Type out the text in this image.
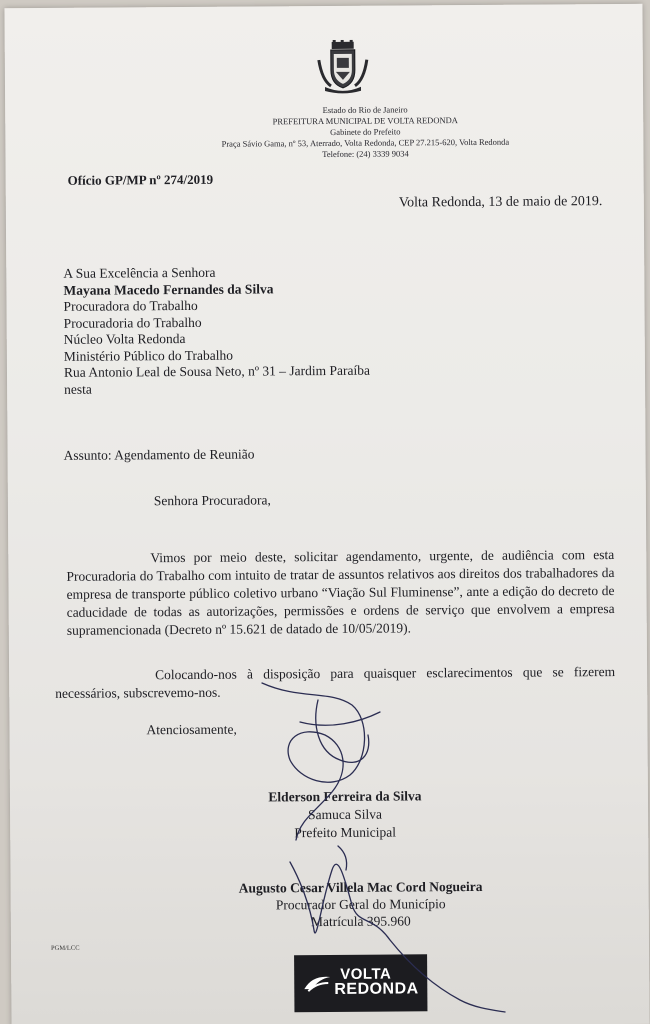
Estado do Rio de Janeiro
PREFEITURA MUNICIPAL DE VOLTA REDONDA
Gabinete do Prefeito
Praça Sávio Gama, nº 53, Aterrado, Volta Redonda, CEP 27.215-620, Volta Redonda
Telefone: (24) 3339 9034
Ofício GP/MP nº 274/2019
Volta Redonda, 13 de maio de 2019.
A Sua Excelência a Senhora
Mayana Macedo Fernandes da Silva
Procuradora do Trabalho
Procuradoria do Trabalho
Núcleo Volta Redonda
Ministério Público do Trabalho
Rua Antonio Leal de Sousa Neto, nº 31 – Jardim Paraíba
nesta
Assunto: Agendamento de Reunião
Senhora Procuradora,

Vimos por meio deste, solicitar agendamento, urgente, de audiência com esta Procuradoria do Trabalho com intuito de tratar de assuntos relativos aos direitos dos trabalhadores da empresa de transporte público coletivo urbano “Viação Sul Fluminense”, ante a edição do decreto de caducidade de todas as autorizações, permissões e ordens de serviço que envolvem a empresa supramencionada (Decreto nº 15.621 de datado de 10/05/2019).

Colocando-nos à disposição para quaisquer esclarecimentos que se fizerem necessários, subscrevemo-nos.

Atenciosamente,
Elderson Ferreira da Silva
Samuca Silva
Prefeito Municipal
Augusto Cesar Villela Mac Cord Nogueira
Procurador Geral do Município
Matrícula 395.960
PGM/LCC
VOLTA
REDONDA
